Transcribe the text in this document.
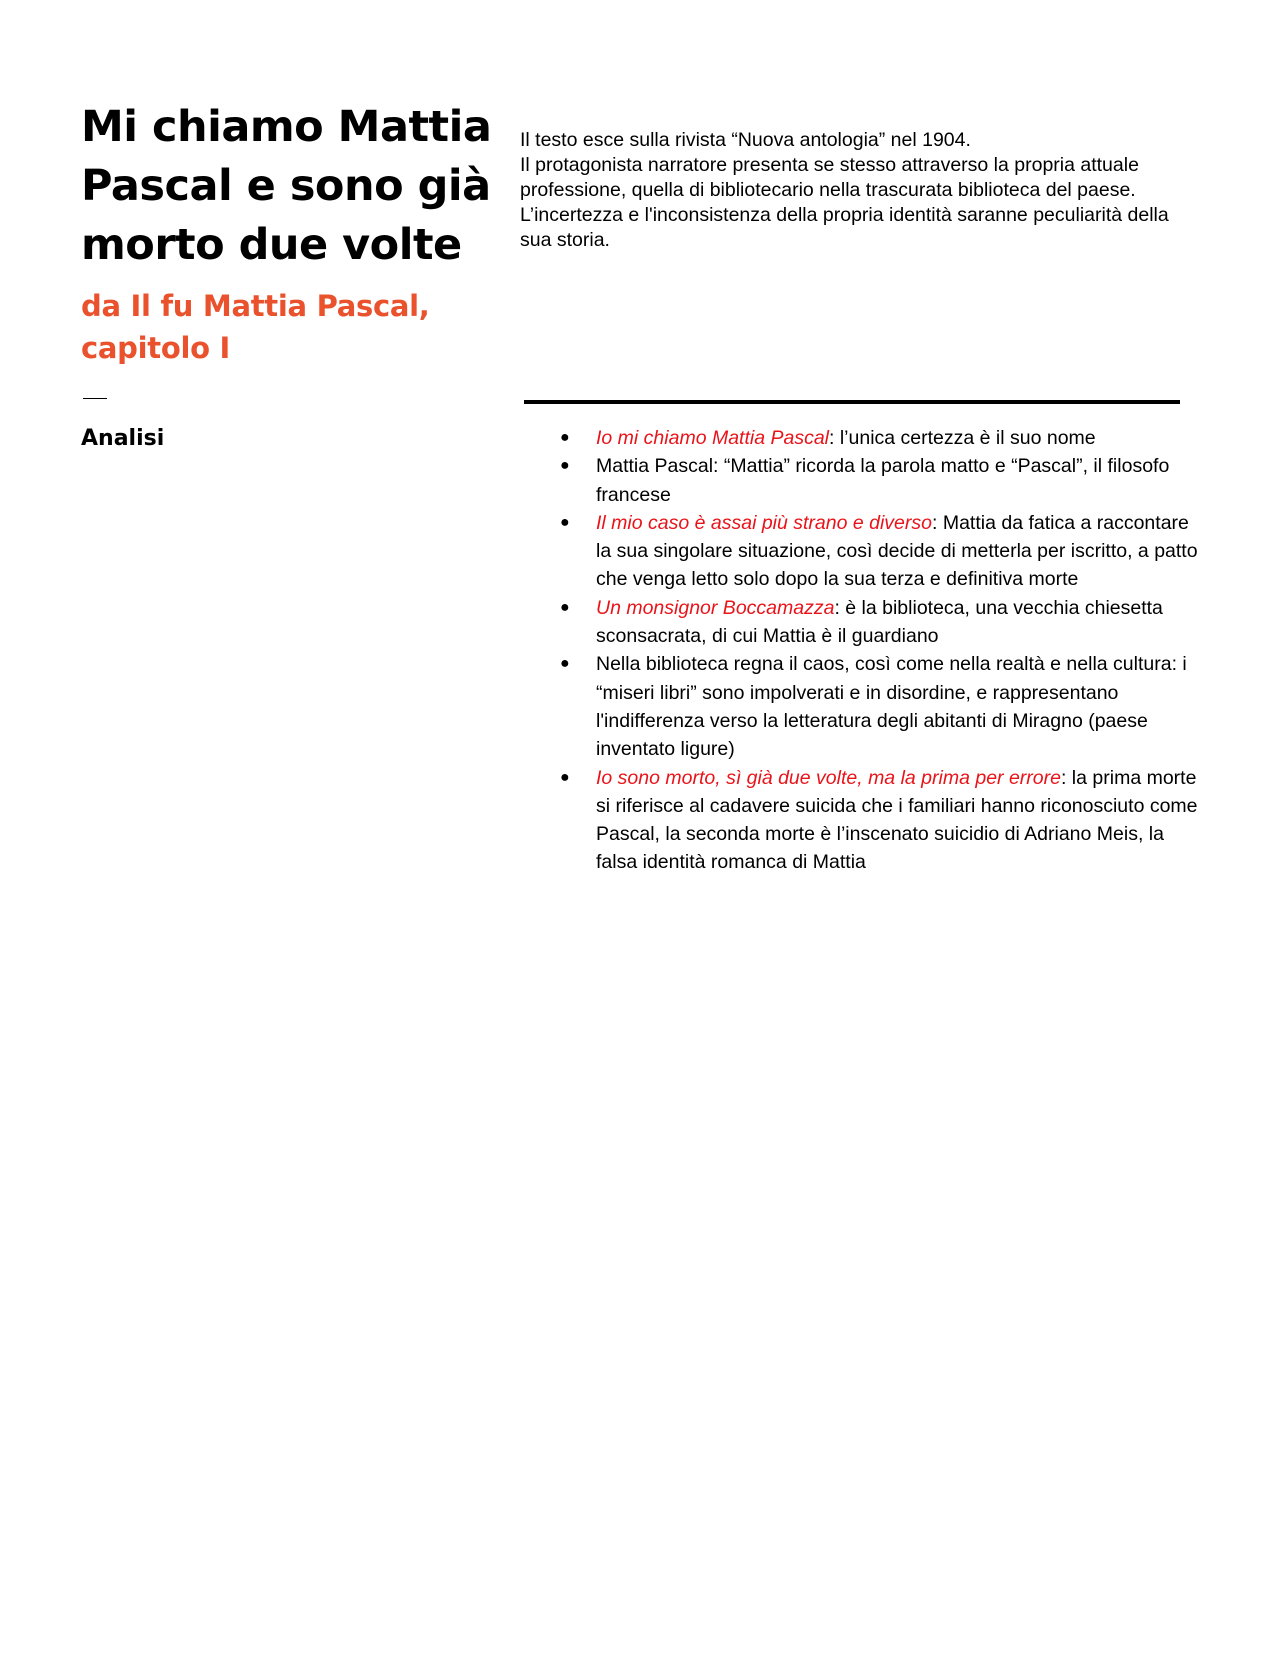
Mi chiamo Mattia Pascal e sono già morto due volte
da Il fu Mattia Pascal, capitolo I
Analisi

Il testo esce sulla rivista “Nuova antologia” nel 1904.

Il protagonista narratore presenta se stesso attraverso la propria attuale professione, quella di bibliotecario nella trascurata biblioteca del paese. L’incertezza e l'inconsistenza della propria identità saranne peculiarità della sua storia.

●	Io mi chiamo Mattia Pascal: l’unica certezza è il suo nome
●	Mattia Pascal: “Mattia” ricorda la parola matto e “Pascal”, il filosofo francese
●	Il mio caso è assai più strano e diverso: Mattia da fatica a raccontare la sua singolare situazione, così decide di metterla per iscritto, a patto che venga letto solo dopo la sua terza e definitiva morte
●	Un monsignor Boccamazza: è la biblioteca, una vecchia chiesetta sconsacrata, di cui Mattia è il guardiano
●	Nella biblioteca regna il caos, così come nella realtà e nella cultura: i “miseri libri” sono impolverati e in disordine, e rappresentano l'indifferenza verso la letteratura degli abitanti di Miragno (paese inventato ligure)
●	Io sono morto, sì già due volte, ma la prima per errore: la prima morte si riferisce al cadavere suicida che i familiari hanno riconosciuto come Pascal, la seconda morte è l’inscenato suicidio di Adriano Meis, la falsa identità romanca di Mattia
